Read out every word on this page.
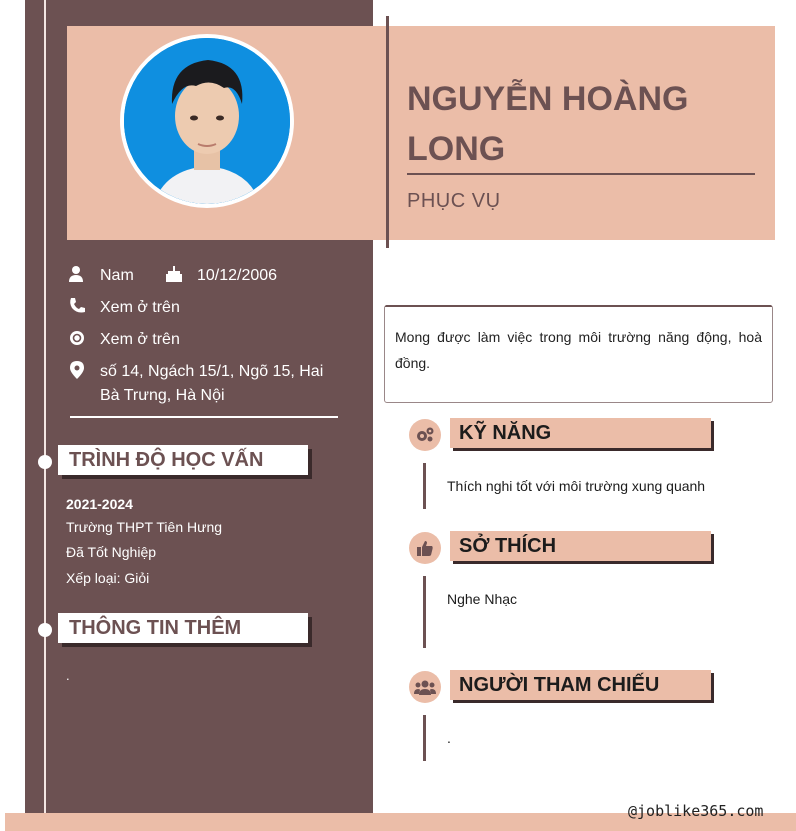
NGUYỄN HOÀNG LONG
PHỤC VỤ
Nam	10/12/2006
Xem ở trên
Xem ở trên
số 14, Ngách 15/1, Ngõ 15, Hai Bà Trưng, Hà Nội
TRÌNH ĐỘ HỌC VẤN
2021-2024
Trường THPT Tiên Hưng
Đã Tốt Nghiệp
Xếp loại: Giỏi
THÔNG TIN THÊM
.

Mong được làm việc trong môi trường năng động, hoà đồng.

KỸ NĂNG
Thích nghi tốt với môi trường xung quanh
SỞ THÍCH
Nghe Nhạc
NGƯỜI THAM CHIẾU
.
@joblike365.com
